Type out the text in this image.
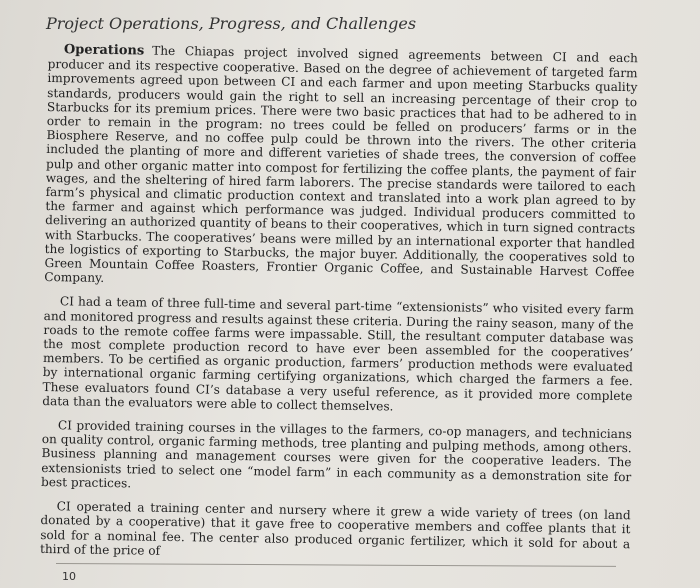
Project Operations, Progress, and Challenges

Operations The Chiapas project involved signed agreements between CI and each producer and its respective cooperative. Based on the degree of achievement of targeted farm improvements agreed upon between CI and each farmer and upon meeting Starbucks quality standards, producers would gain the right to sell an increasing percentage of their crop to Starbucks for its premium prices. There were two basic practices that had to be adhered to in order to remain in the program: no trees could be felled on producers’ farms or in the Biosphere Reserve, and no coffee pulp could be thrown into the rivers. The other criteria included the planting of more and different varieties of shade trees, the conversion of coffee pulp and other organic matter into compost for fertilizing the coffee plants, the payment of fair wages, and the sheltering of hired farm laborers. The precise standards were tailored to each farm’s physical and climatic production context and translated into a work plan agreed to by the farmer and against which performance was judged. Individual producers committed to delivering an authorized quantity of beans to their cooperatives, which in turn signed contracts with Starbucks. The cooperatives’ beans were milled by an international exporter that handled the logistics of exporting to Starbucks, the major buyer. Additionally, the cooperatives sold to Green Mountain Coffee Roasters, Frontier Organic Coffee, and Sustainable Harvest Coffee Company.

CI had a team of three full-time and several part-time “extensionists” who visited every farm and monitored progress and results against these criteria. During the rainy season, many of the roads to the remote coffee farms were impassable. Still, the resultant computer database was the most complete production record to have ever been assembled for the cooperatives’ members. To be certified as organic production, farmers’ production methods were evaluated by international organic farming certifying organizations, which charged the farmers a fee. These evaluators found CI’s database a very useful reference, as it provided more complete data than the evaluators were able to collect themselves.

CI provided training courses in the villages to the farmers, co-op managers, and technicians on quality control, organic farming methods, tree planting and pulping methods, among others. Business planning and management courses were given for the cooperative leaders. The extensionists tried to select one “model farm” in each community as a demonstration site for best practices.

CI operated a training center and nursery where it grew a wide variety of trees (on land donated by a cooperative) that it gave free to cooperative members and coffee plants that it sold for a nominal fee. The center also produced organic fertilizer, which it sold for about a third of the price of

10
